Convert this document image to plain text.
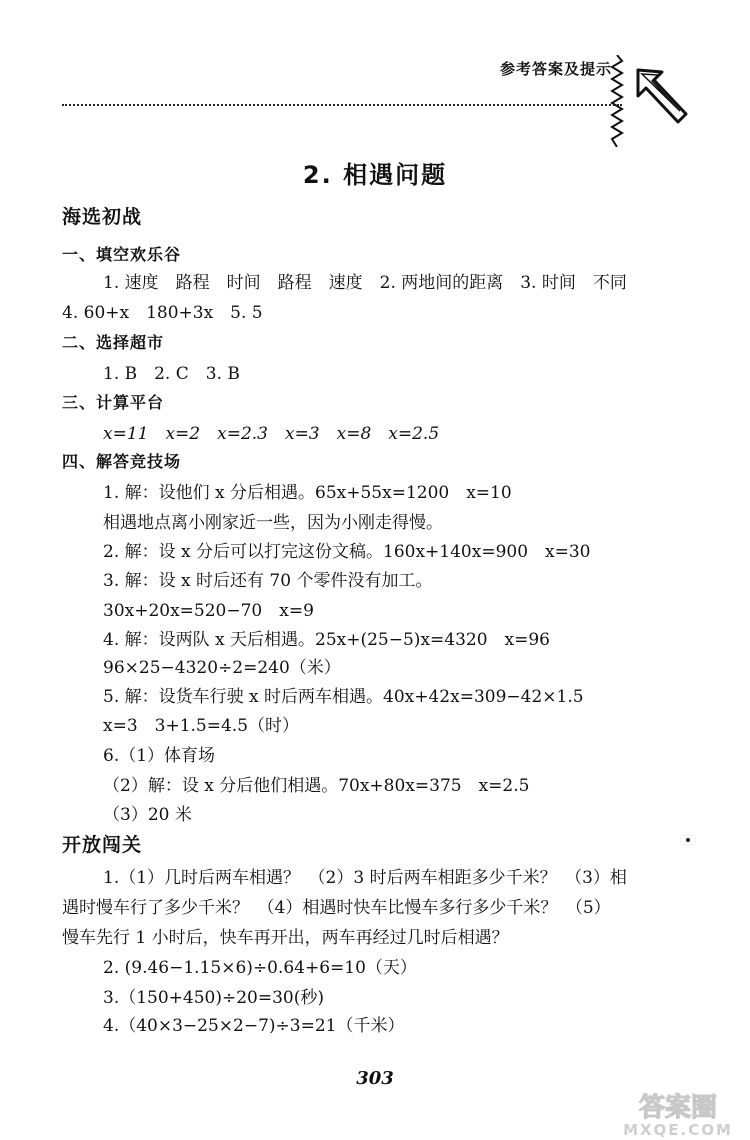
参考答案及提示
2. 相遇问题
海选初战
一、填空欢乐谷
1. 速度　路程　时间　路程　速度　2. 两地间的距离　3. 时间　不同
4. 60+x　180+3x　5. 5
二、选择超市
1. B　2. C　3. B
三、计算平台
x=11　x=2　x=2.3　x=3　x=8　x=2.5
四、解答竞技场
1. 解：设他们 x 分后相遇。65x+55x=1200　x=10
相遇地点离小刚家近一些，因为小刚走得慢。
2. 解：设 x 分后可以打完这份文稿。160x+140x=900　x=30
3. 解：设 x 时后还有 70 个零件没有加工。
30x+20x=520−70　x=9
4. 解：设两队 x 天后相遇。25x+(25−5)x=4320　x=96
96×25−4320÷2=240（米）
5. 解：设货车行驶 x 时后两车相遇。40x+42x=309−42×1.5
x=3　3+1.5=4.5（时）
6.（1）体育场
（2）解：设 x 分后他们相遇。70x+80x=375　x=2.5
（3）20 米
开放闯关
1.（1）几时后两车相遇？　（2）3 时后两车相距多少千米？　（3）相
遇时慢车行了多少千米？　（4）相遇时快车比慢车多行多少千米？　（5）
慢车先行 1 小时后，快车再开出，两车再经过几时后相遇？
2. (9.46−1.15×6)÷0.64+6=10（天）
3.（150+450)÷20=30(秒)
4.（40×3−25×2−7)÷3=21（千米）
303
答案圈
MXQE.COM
